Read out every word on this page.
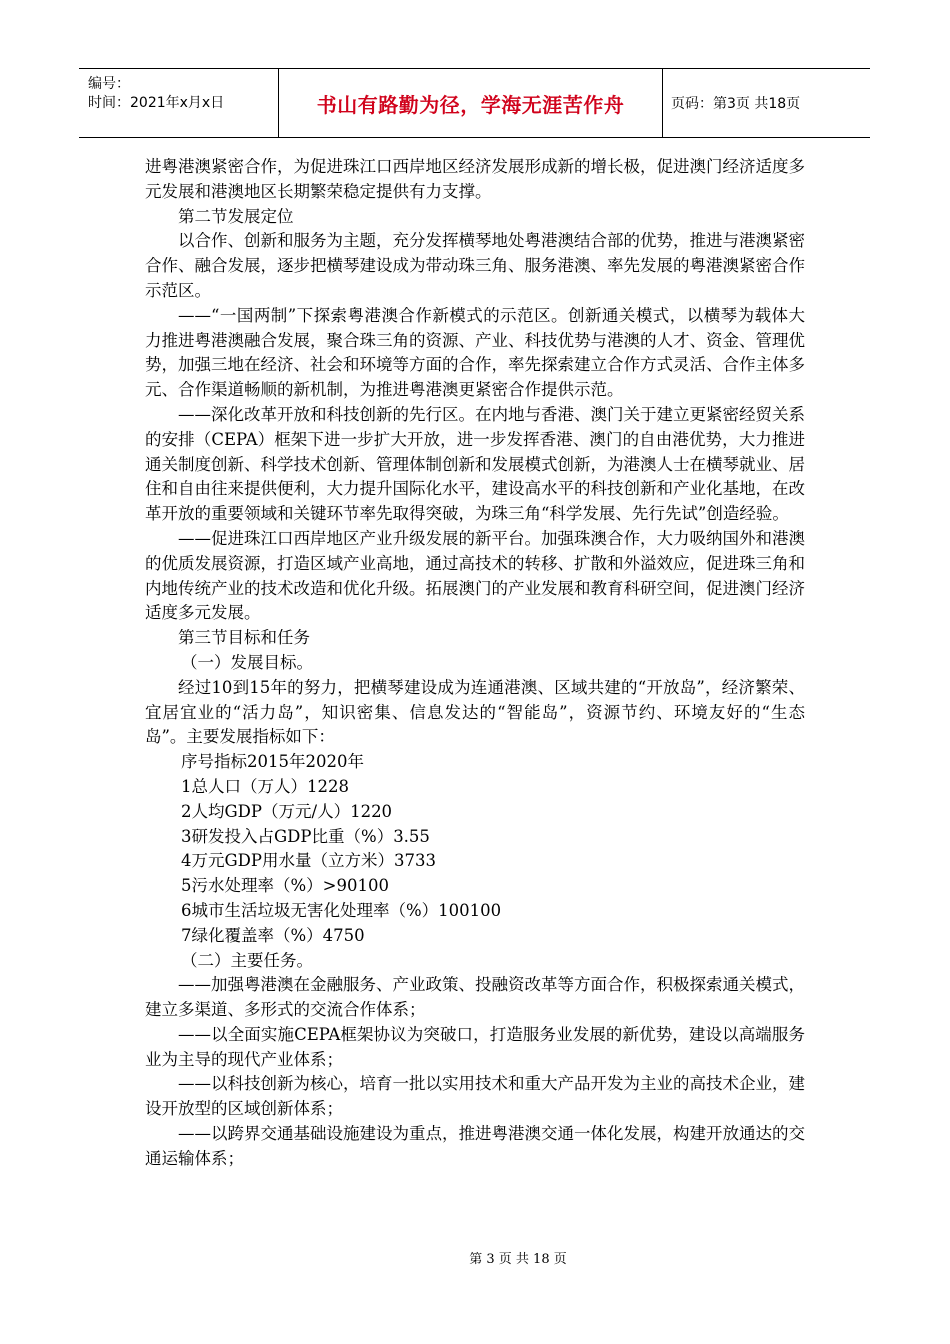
编号：
时间：2021年x月x日	书山有路勤为径，学海无涯苦作舟	页码：第3页 共18页

进粤港澳紧密合作，为促进珠江口西岸地区经济发展形成新的增长极，促进澳门经济适度多元发展和港澳地区长期繁荣稳定提供有力支撑。

第二节发展定位

以合作、创新和服务为主题，充分发挥横琴地处粤港澳结合部的优势，推进与港澳紧密合作、融合发展，逐步把横琴建设成为带动珠三角、服务港澳、率先发展的粤港澳紧密合作示范区。

——“一国两制”下探索粤港澳合作新模式的示范区。创新通关模式，以横琴为载体大力推进粤港澳融合发展，聚合珠三角的资源、产业、科技优势与港澳的人才、资金、管理优势，加强三地在经济、社会和环境等方面的合作，率先探索建立合作方式灵活、合作主体多元、合作渠道畅顺的新机制，为推进粤港澳更紧密合作提供示范。

——深化改革开放和科技创新的先行区。在内地与香港、澳门关于建立更紧密经贸关系的安排（CEPA）框架下进一步扩大开放，进一步发挥香港、澳门的自由港优势，大力推进通关制度创新、科学技术创新、管理体制创新和发展模式创新，为港澳人士在横琴就业、居住和自由往来提供便利，大力提升国际化水平，建设高水平的科技创新和产业化基地，在改革开放的重要领域和关键环节率先取得突破，为珠三角“科学发展、先行先试”创造经验。

——促进珠江口西岸地区产业升级发展的新平台。加强珠澳合作，大力吸纳国外和港澳的优质发展资源，打造区域产业高地，通过高技术的转移、扩散和外溢效应，促进珠三角和内地传统产业的技术改造和优化升级。拓展澳门的产业发展和教育科研空间，促进澳门经济适度多元发展。

第三节目标和任务

（一）发展目标。

经过10到15年的努力，把横琴建设成为连通港澳、区域共建的“开放岛”，经济繁荣、宜居宜业的“活力岛”，知识密集、信息发达的“智能岛”，资源节约、环境友好的“生态岛”。主要发展指标如下：

序号指标2015年2020年

1总人口（万人）1228

2人均GDP（万元/人）1220

3研发投入占GDP比重（%）3.55

4万元GDP用水量（立方米）3733

5污水处理率（%）>90100

6城市生活垃圾无害化处理率（%）100100

7绿化覆盖率（%）4750

（二）主要任务。

——加强粤港澳在金融服务、产业政策、投融资改革等方面合作，积极探索通关模式，建立多渠道、多形式的交流合作体系；

——以全面实施CEPA框架协议为突破口，打造服务业发展的新优势，建设以高端服务业为主导的现代产业体系；

——以科技创新为核心，培育一批以实用技术和重大产品开发为主业的高技术企业，建设开放型的区域创新体系；

——以跨界交通基础设施建设为重点，推进粤港澳交通一体化发展，构建开放通达的交通运输体系；

第 3 页 共 18 页
